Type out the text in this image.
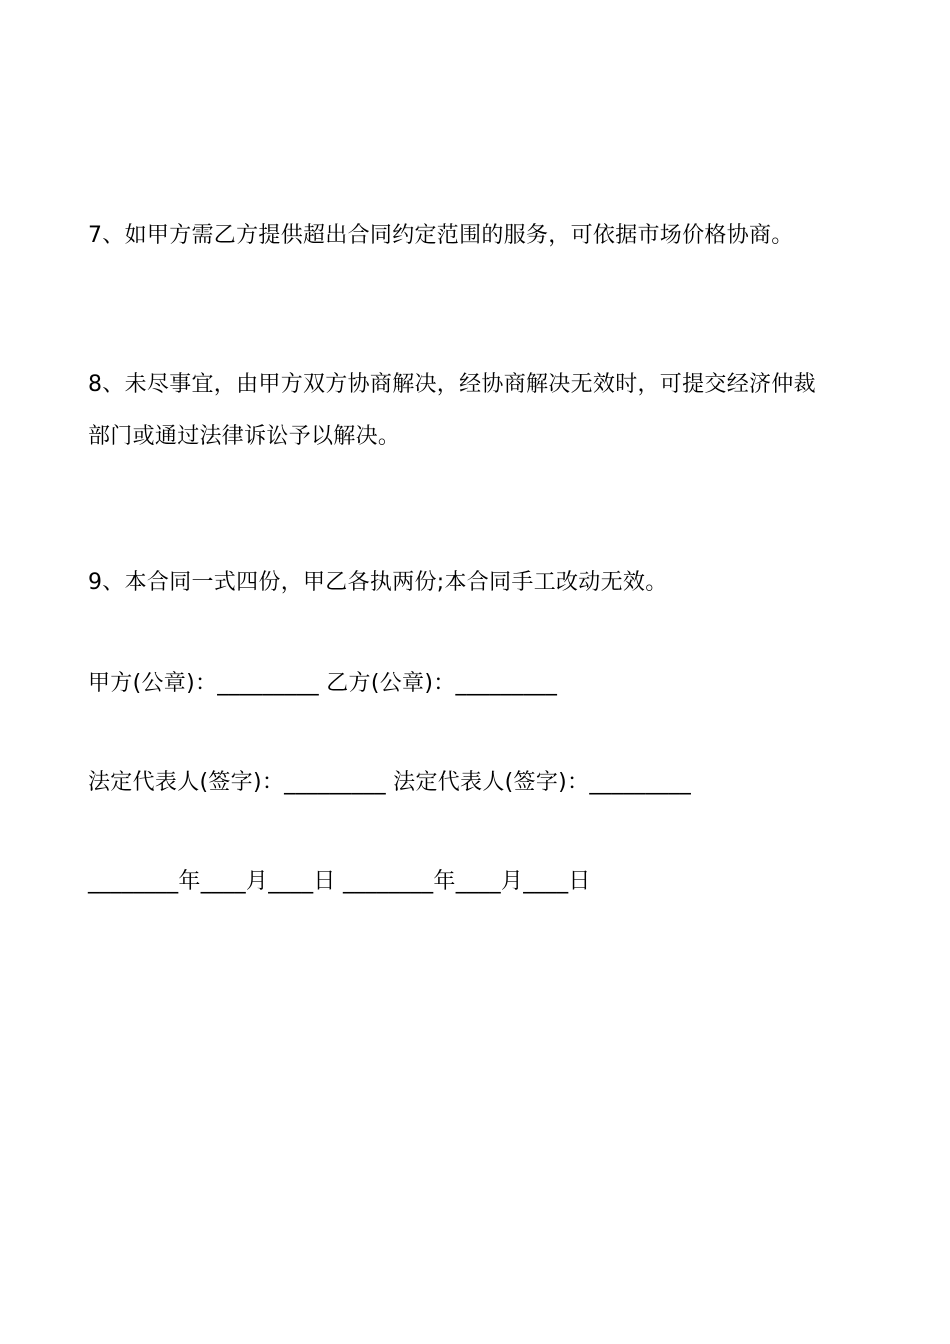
7、如甲方需乙方提供超出合同约定范围的服务，可依据市场价格协商。
8、未尽事宜，由甲方双方协商解决，经协商解决无效时，可提交经济仲裁
部门或通过法律诉讼予以解决。
9、本合同一式四份，甲乙各执两份;本合同手工改动无效。
甲方(公章)：_________ 乙方(公章)：_________
法定代表人(签字)：_________ 法定代表人(签字)：_________
________年____月____日 ________年____月____日
